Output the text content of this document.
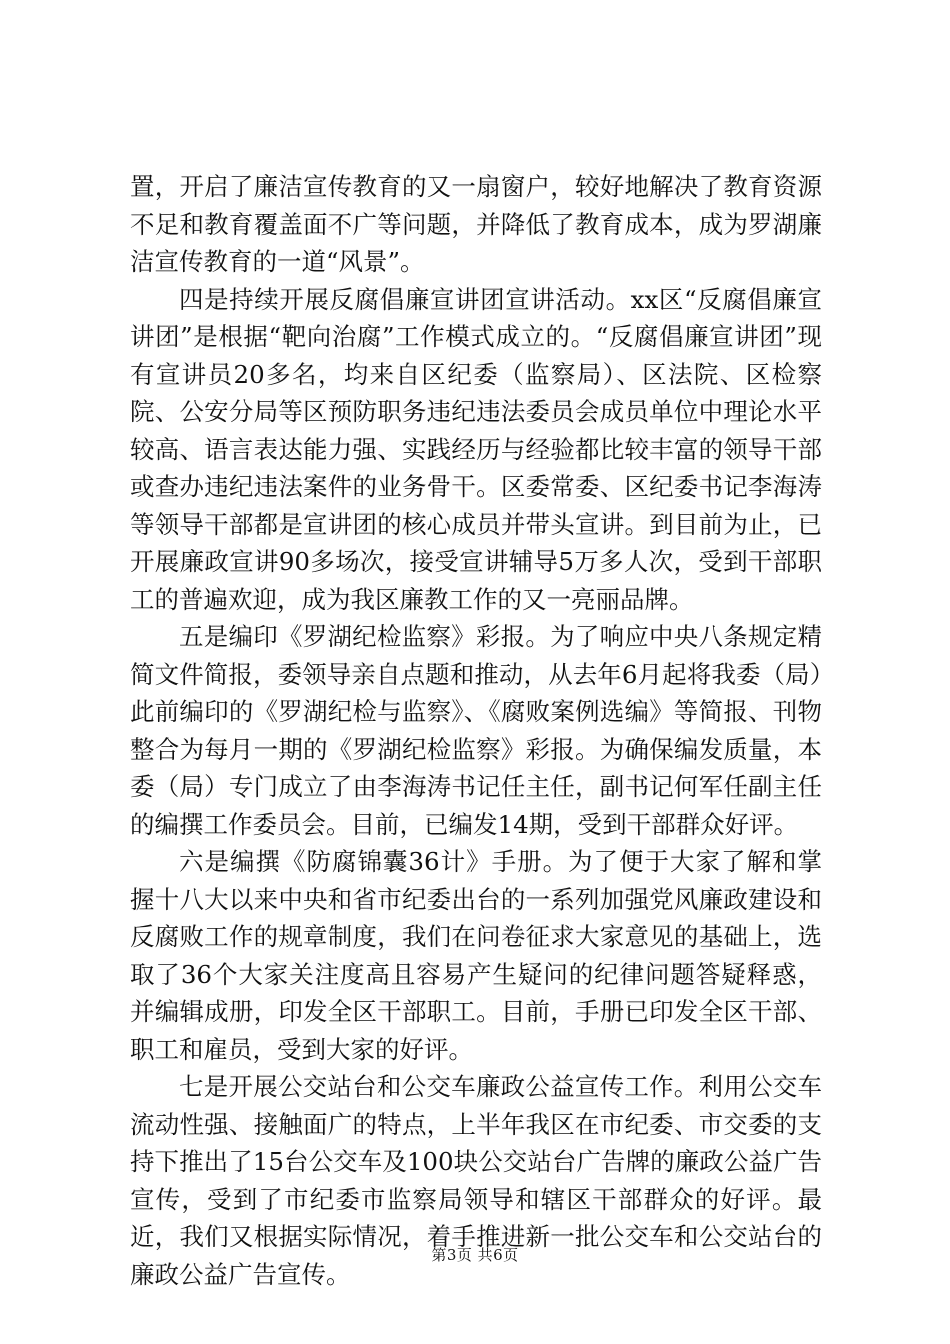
置，开启了廉洁宣传教育的又一扇窗户，较好地解决了教育资源不足和教育覆盖面不广等问题，并降低了教育成本，成为罗湖廉洁宣传教育的一道“风景”。

四是持续开展反腐倡廉宣讲团宣讲活动。xx区“反腐倡廉宣讲团”是根据“靶向治腐”工作模式成立的。“反腐倡廉宣讲团”现有宣讲员20多名，均来自区纪委（监察局）、区法院、区检察院、公安分局等区预防职务违纪违法委员会成员单位中理论水平较高、语言表达能力强、实践经历与经验都比较丰富的领导干部或查办违纪违法案件的业务骨干。区委常委、区纪委书记李海涛等领导干部都是宣讲团的核心成员并带头宣讲。到目前为止，已开展廉政宣讲90多场次，接受宣讲辅导5万多人次，受到干部职工的普遍欢迎，成为我区廉教工作的又一亮丽品牌。

五是编印《罗湖纪检监察》彩报。为了响应中央八条规定精简文件简报，委领导亲自点题和推动，从去年6月起将我委（局）此前编印的《罗湖纪检与监察》、《腐败案例选编》等简报、刊物整合为每月一期的《罗湖纪检监察》彩报。为确保编发质量，本委（局）专门成立了由李海涛书记任主任，副书记何军任副主任的编撰工作委员会。目前，已编发14期，受到干部群众好评。

六是编撰《防腐锦囊36计》手册。为了便于大家了解和掌握十八大以来中央和省市纪委出台的一系列加强党风廉政建设和反腐败工作的规章制度，我们在问卷征求大家意见的基础上，选取了36个大家关注度高且容易产生疑问的纪律问题答疑释惑，并编辑成册，印发全区干部职工。目前，手册已印发全区干部、职工和雇员，受到大家的好评。

七是开展公交站台和公交车廉政公益宣传工作。利用公交车流动性强、接触面广的特点，上半年我区在市纪委、市交委的支持下推出了15台公交车及100块公交站台广告牌的廉政公益广告宣传，受到了市纪委市监察局领导和辖区干部群众的好评。最近，我们又根据实际情况，着手推进新一批公交车和公交站台的廉政公益广告宣传。

第3页 共6页
